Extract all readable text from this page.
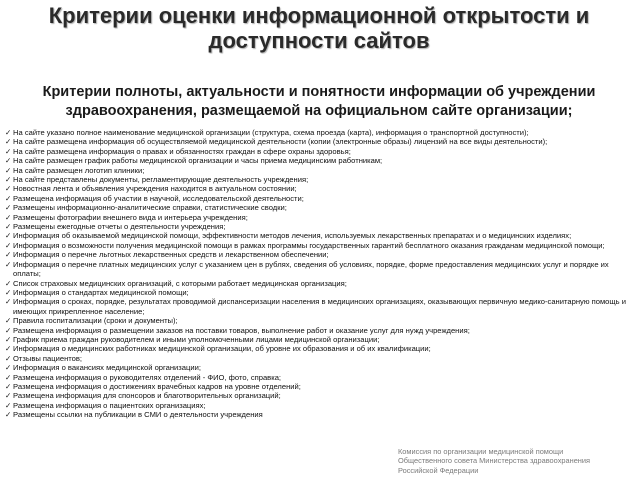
Критерии оценки информационной открытости и доступности сайтов

Критерии полноты, актуальности и понятности информации об учреждении здравоохранения, размещаемой на официальном сайте организации;

✓ На сайте указано полное наименование медицинской организации (структура, схема проезда (карта), информация о транспортной доступности);
✓ На сайте размещена информация об осуществляемой медицинской деятельности (копии (электронные образы) лицензий на все виды деятельности);
✓ На сайте размещена информация о правах и обязанностях граждан в сфере охраны здоровья;
✓ На сайте размещен график работы медицинской организации и часы приема медицинским работникам;
✓ На сайте размещен логотип клиники;
✓ На сайте представлены документы, регламентирующие деятельность учреждения;
✓ Новостная лента и объявления учреждения находится в актуальном состоянии;
✓ Размещена информация об участии в научной, исследовательской деятельности;
✓ Размещены информационно-аналитические справки, статистические сводки;
✓ Размещены фотографии внешнего вида и интерьера учреждения;
✓ Размещены ежегодные отчеты о деятельности учреждения;
✓ Информация об оказываемой медицинской помощи, эффективности методов лечения, используемых лекарственных препаратах и о медицинских изделиях;
✓ Информация о возможности получения медицинской помощи в рамках программы государственных гарантий бесплатного оказания гражданам медицинской помощи;
✓ Информация о перечне льготных лекарственных средств и лекарственном обеспечении;
✓ Информация о перечне платных медицинских услуг с указанием цен в рублях, сведения об условиях, порядке, форме предоставления медицинских услуг и порядке их оплаты;
✓ Список страховых медицинских организаций, с которыми работает медицинская организация;
✓ Информация о стандартах медицинской помощи;
✓ Информация о сроках, порядке, результатах проводимой диспансеризации населения в медицинских организациях, оказывающих первичную медико-санитарную помощь и имеющих прикрепленное население;
✓ Правила госпитализации (сроки и документы);
✓ Размещена информация о размещении заказов на поставки товаров, выполнение работ и оказание услуг для нужд учреждения;
✓ График приема граждан руководителем и иными уполномоченными лицами медицинской организации;
✓ Информация о медицинских работниках медицинской организации, об уровне их образования и об их квалификации;
✓ Отзывы пациентов;
✓ Информация о вакансиях медицинской организации;
✓ Размещена информация о руководителях отделений - ФИО, фото, справка;
✓ Размещена информация о достижениях врачебных кадров на уровне отделений;
✓ Размещена информация для спонсоров и благотворительных организаций;
✓ Размещена информация о пациентских организациях;
✓ Размещены ссылки на публикации в СМИ о деятельности учреждения
Комиссия по организации медицинской помощи
Общественного совета Министерства здравоохранения
Российской Федерации
